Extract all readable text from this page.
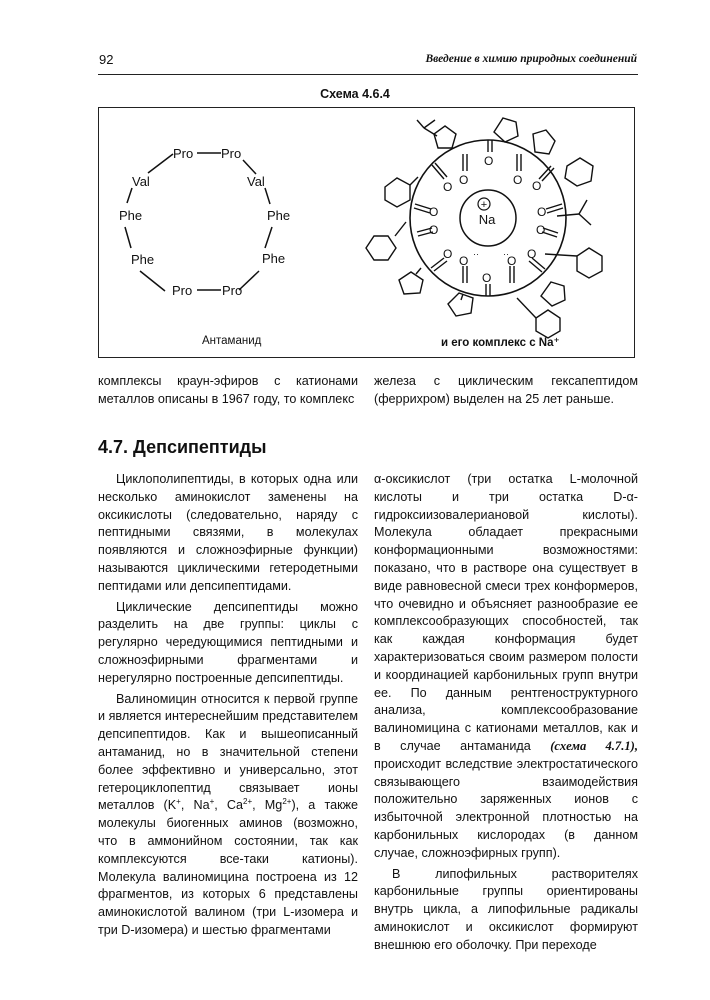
92	Введение в химию природных соединений
Схема 4.6.4
Pro Pro
Val	Val
Phe	Phe
Phe	Phe
Pro Pro
+
Na
O
O
O
O	O
O	O
O	O
O	O
O	O
O
··	··
Антаманид	и его комплекс с Na⁺

комплексы краун-эфиров с катионами металлов описаны в 1967 году, то комплекс

железа с циклическим гексапептидом (феррихром) выделен на 25 лет раньше.

4.7. Депсипептиды

Циклополипептиды, в которых одна или несколько аминокислот заменены на оксикислоты (следовательно, наряду с пептидными связями, в молекулах появляются и сложноэфирные функции) называются циклическими гетеродетными пептидами или депсипептидами.

Циклические депсипептиды можно разделить на две группы: циклы с регулярно чередующимися пептидными и сложноэфирными фрагментами и нерегулярно построенные депсипептиды.

Валиномицин относится к первой группе и является интереснейшим представителем депсипептидов. Как и вышеописанный антаманид, но в значительной степени более эффективно и универсально, этот гетероциклопептид связывает ионы металлов (K+, Na+, $Ca^{2+}$, $Mg^{2+}$), а также молекулы биогенных аминов (возможно, что в аммонийном состоянии, так как комплексуются все-таки катионы). Молекула валиномицина построена из 12 фрагментов, из которых 6 представлены аминокислотой валином (три L-изомера и три D-изомера) и шестью фрагментами

α-оксикислот (три остатка L-молочной кислоты и три остатка D-α-гидроксиизовалериановой кислоты). Молекула обладает прекрасными конформационными возможностями: показано, что в растворе она существует в виде равновесной смеси трех конформеров, что очевидно и объясняет разнообразие ее комплексообразующих способностей, так как каждая конформация будет характеризоваться своим размером полости и координацией карбонильных групп внутри ее. По данным рентгеноструктурного анализа, комплексообразование валиномицина с катионами металлов, как и в случае антаманида (схема 4.7.1), происходит вследствие электростатического связывающего взаимодействия положительно заряженных ионов с избыточной электронной плотностью на карбонильных кислородах (в данном случае, сложноэфирных групп).

В липофильных растворителях карбонильные группы ориентированы внутрь цикла, а липофильные радикалы аминокислот и оксикислот формируют внешнюю его оболочку. При переходе
